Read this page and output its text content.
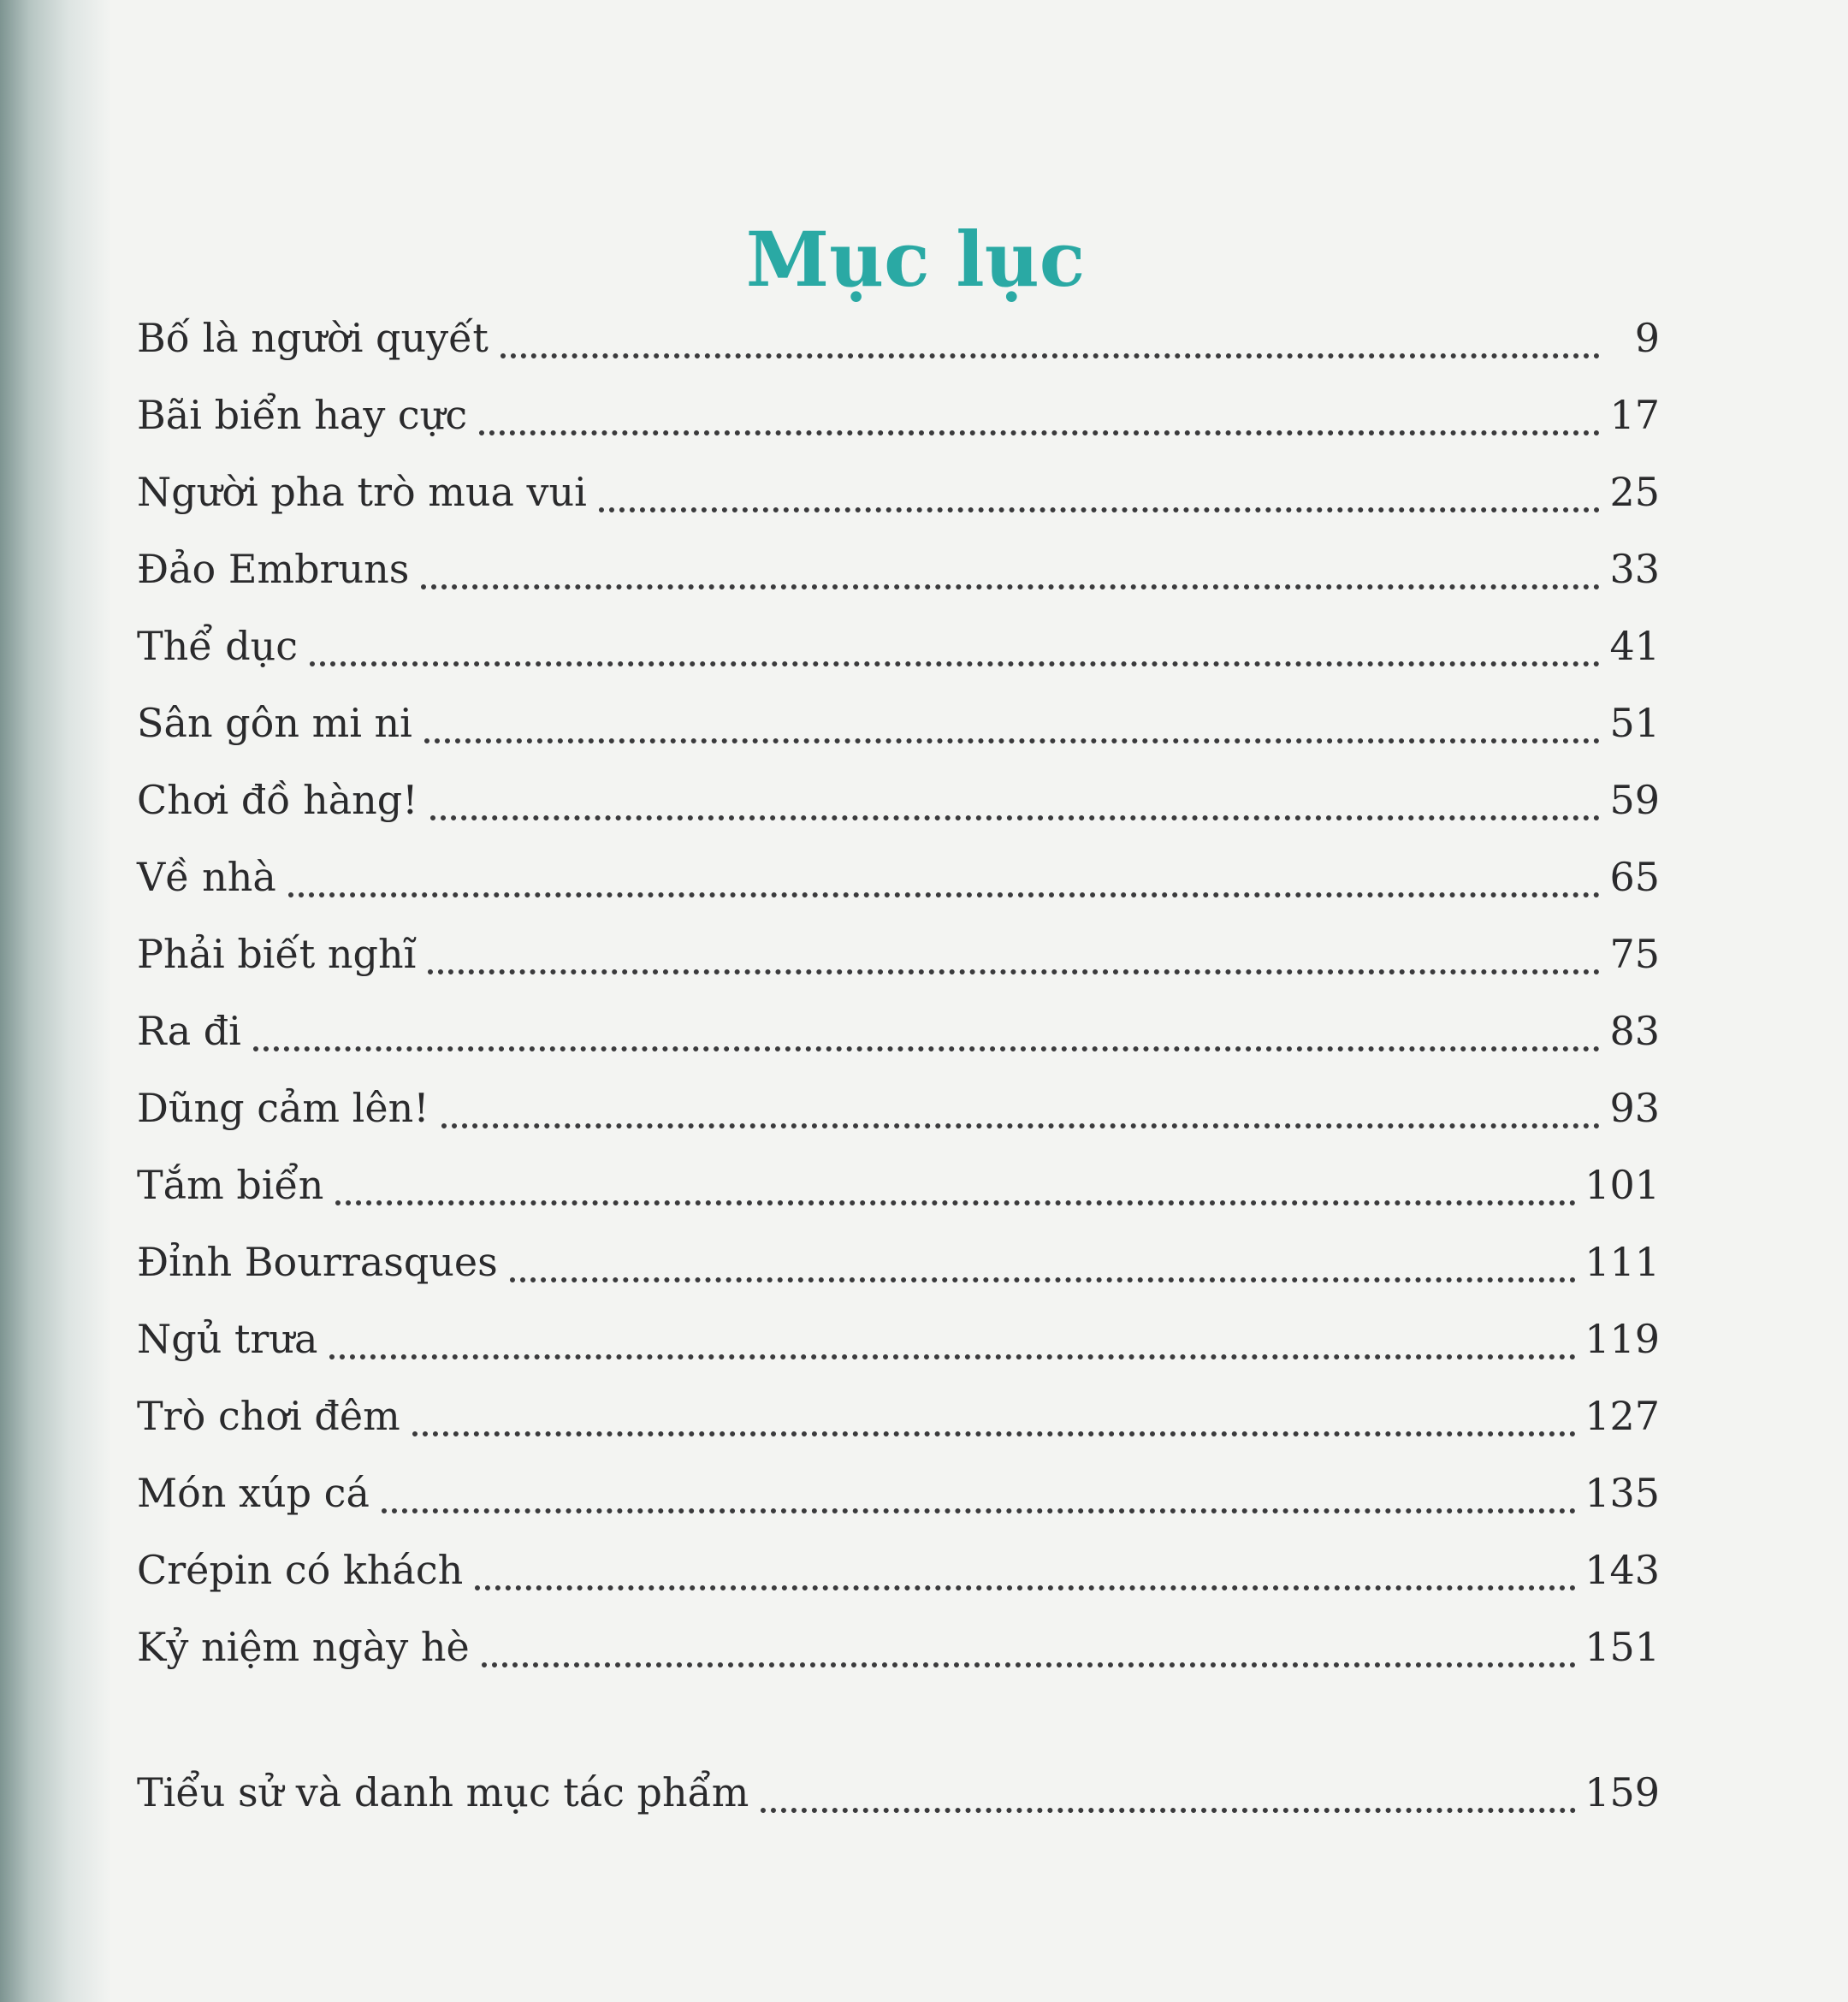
Mục lục
Bố là người quyết	9
Bãi biển hay cực	17
Người pha trò mua vui	25
Đảo Embruns	33
Thể dục	41
Sân gôn mi ni	51
Chơi đồ hàng!	59
Về nhà	65
Phải biết nghĩ	75
Ra đi	83
Dũng cảm lên!	93
Tắm biển	101
Đỉnh Bourrasques	111
Ngủ trưa	119
Trò chơi đêm	127
Món xúp cá	135
Crépin có khách	143
Kỷ niệm ngày hè	151
Tiểu sử và danh mục tác phẩm	159
